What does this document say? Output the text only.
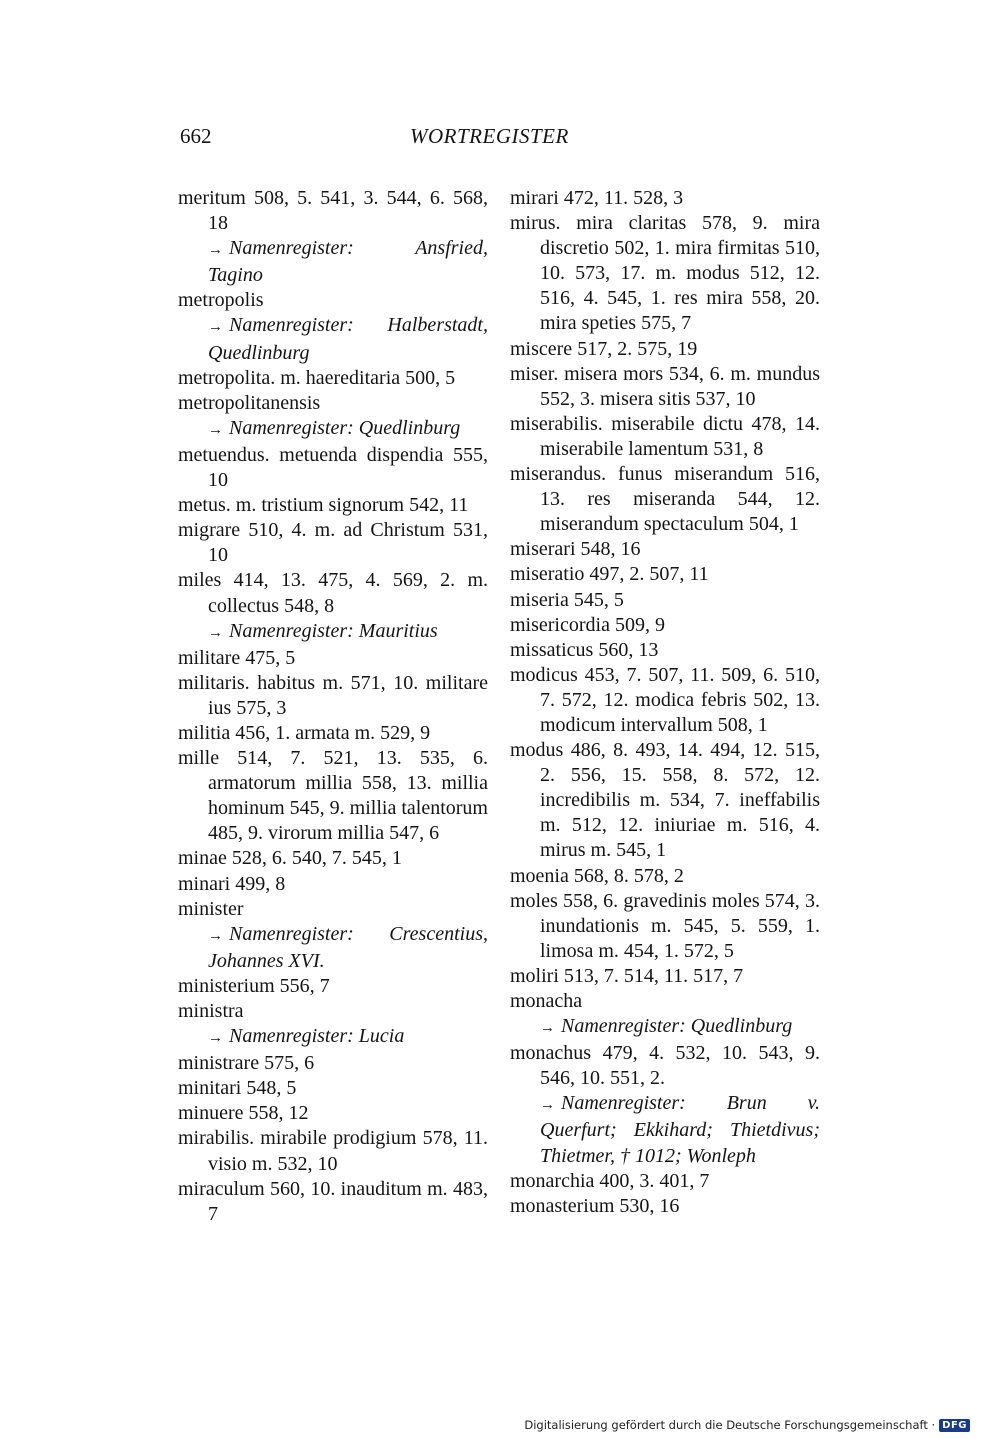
662	WORTREGISTER
meritum 508, 5. 541, 3. 544, 6. 568, 18
→ Namenregister: Ansfried, Tagino
metropolis
→ Namenregister: Halberstadt, Quedlinburg
metropolita. m. haereditaria 500, 5
metropolitanensis
→ Namenregister: Quedlinburg
metuendus. metuenda dispendia 555, 10
metus. m. tristium signorum 542, 11
migrare 510, 4. m. ad Christum 531, 10
miles 414, 13. 475, 4. 569, 2. m. collectus 548, 8
→ Namenregister: Mauritius
militare 475, 5
militaris. habitus m. 571, 10. militare ius 575, 3
militia 456, 1. armata m. 529, 9
mille 514, 7. 521, 13. 535, 6. armatorum millia 558, 13. millia hominum 545, 9. millia talentorum 485, 9. virorum millia 547, 6
minae 528, 6. 540, 7. 545, 1
minari 499, 8
minister
→ Namenregister: Crescentius, Johannes XVI.
ministerium 556, 7
ministra
→ Namenregister: Lucia
ministrare 575, 6
minitari 548, 5
minuere 558, 12
mirabilis. mirabile prodigium 578, 11. visio m. 532, 10
miraculum 560, 10. inauditum m. 483, 7
mirari 472, 11. 528, 3
mirus. mira claritas 578, 9. mira discretio 502, 1. mira firmitas 510, 10. 573, 17. m. modus 512, 12. 516, 4. 545, 1. res mira 558, 20. mira speties 575, 7
miscere 517, 2. 575, 19
miser. misera mors 534, 6. m. mundus 552, 3. misera sitis 537, 10
miserabilis. miserabile dictu 478, 14. miserabile lamentum 531, 8
miserandus. funus miserandum 516, 13. res miseranda 544, 12. miserandum spectaculum 504, 1
miserari 548, 16
miseratio 497, 2. 507, 11
miseria 545, 5
misericordia 509, 9
missaticus 560, 13
modicus 453, 7. 507, 11. 509, 6. 510, 7. 572, 12. modica febris 502, 13. modicum intervallum 508, 1
modus 486, 8. 493, 14. 494, 12. 515, 2. 556, 15. 558, 8. 572, 12. incredibilis m. 534, 7. ineffabilis m. 512, 12. iniuriae m. 516, 4. mirus m. 545, 1
moenia 568, 8. 578, 2
moles 558, 6. gravedinis moles 574, 3. inundationis m. 545, 5. 559, 1. limosa m. 454, 1. 572, 5
moliri 513, 7. 514, 11. 517, 7
monacha
→ Namenregister: Quedlinburg
monachus 479, 4. 532, 10. 543, 9. 546, 10. 551, 2.
→ Namenregister: Brun v. Querfurt; Ekkihard; Thietdivus; Thietmer, † 1012; Wonleph
monarchia 400, 3. 401, 7
monasterium 530, 16
Digitalisierung gefördert durch die Deutsche Forschungsgemeinschaft · DFG
